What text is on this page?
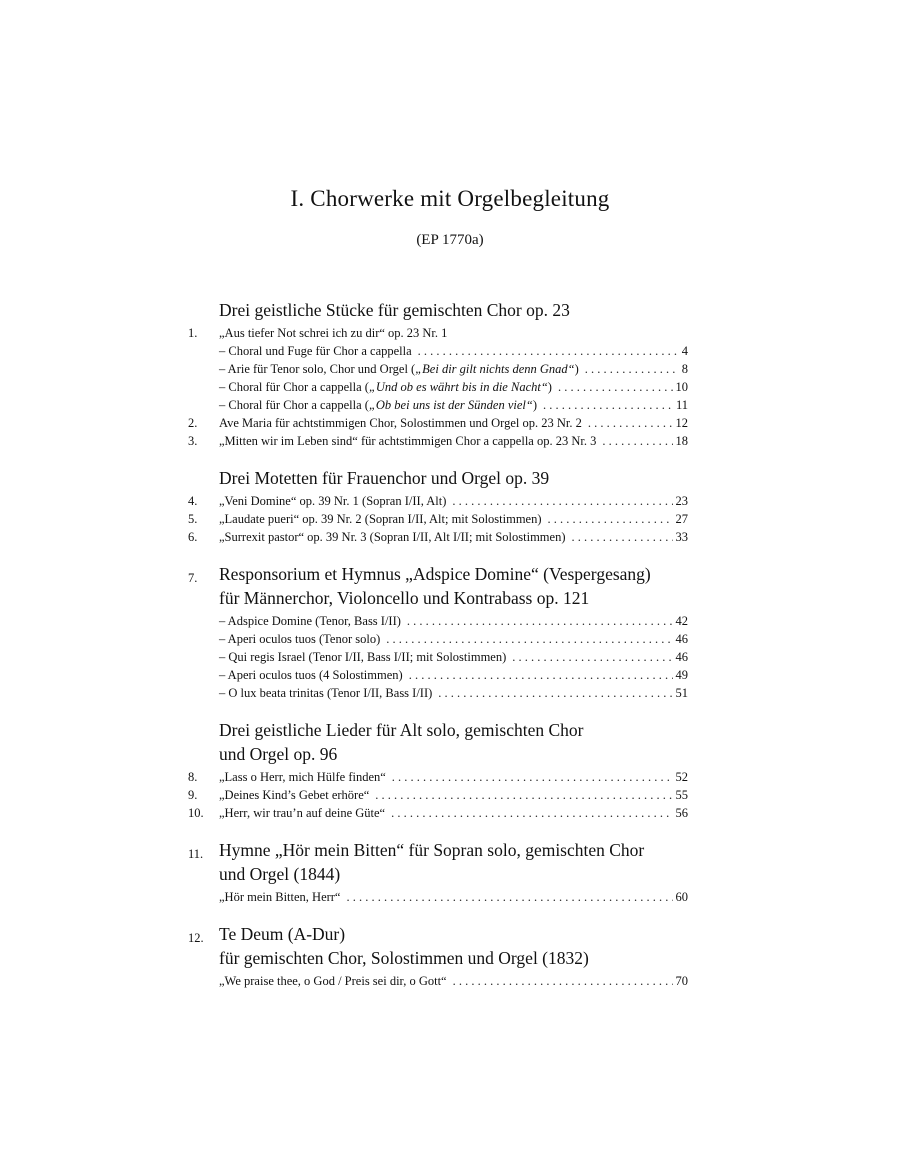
I. Chorwerke mit Orgelbegleitung
(EP 1770a)
Drei geistliche Stücke für gemischten Chor op. 23
1. „Aus tiefer Not schrei ich zu dir“ op. 23 Nr. 1
– Choral und Fuge für Chor a cappella . . .	4
– Arie für Tenor solo, Chor und Orgel („Bei dir gilt nichts denn Gnad“) . . .	8
– Choral für Chor a cappella („Und ob es währt bis in die Nacht“) . . .	10
– Choral für Chor a cappella („Ob bei uns ist der Sünden viel“) . . .	11
2. Ave Maria für achtstimmigen Chor, Solostimmen und Orgel op. 23 Nr. 2 . . .	12
3. „Mitten wir im Leben sind“ für achtstimmigen Chor a cappella op. 23 Nr. 3 . . .	18
Drei Motetten für Frauenchor und Orgel op. 39
4. „Veni Domine“ op. 39 Nr. 1 (Sopran I/II, Alt) . . .	23
5. „Laudate pueri“ op. 39 Nr. 2 (Sopran I/II, Alt; mit Solostimmen) . . .	27
6. „Surrexit pastor“ op. 39 Nr. 3 (Sopran I/II, Alt I/II; mit Solostimmen) . . .	33
7. Responsorium et Hymnus „Adspice Domine“ (Vespergesang)
für Männerchor, Violoncello und Kontrabass op. 121
– Adspice Domine (Tenor, Bass I/II) . . .	42
– Aperi oculos tuos (Tenor solo) . . .	46
– Qui regis Israel (Tenor I/II, Bass I/II; mit Solostimmen) . . .	46
– Aperi oculos tuos (4 Solostimmen) . . .	49
– O lux beata trinitas (Tenor I/II, Bass I/II) . . .	51
Drei geistliche Lieder für Alt solo, gemischten Chor
und Orgel op. 96
8. „Lass o Herr, mich Hülfe finden“ . . .	52
9. „Deines Kind’s Gebet erhöre“ . . .	55
10. „Herr, wir trau’n auf deine Güte“ . . .	56
11. Hymne „Hör mein Bitten“ für Sopran solo, gemischten Chor
und Orgel (1844)
„Hör mein Bitten, Herr“ . . .	60
12. Te Deum (A-Dur)
für gemischten Chor, Solostimmen und Orgel (1832)
„We praise thee, o God / Preis sei dir, o Gott“ . . .	70
